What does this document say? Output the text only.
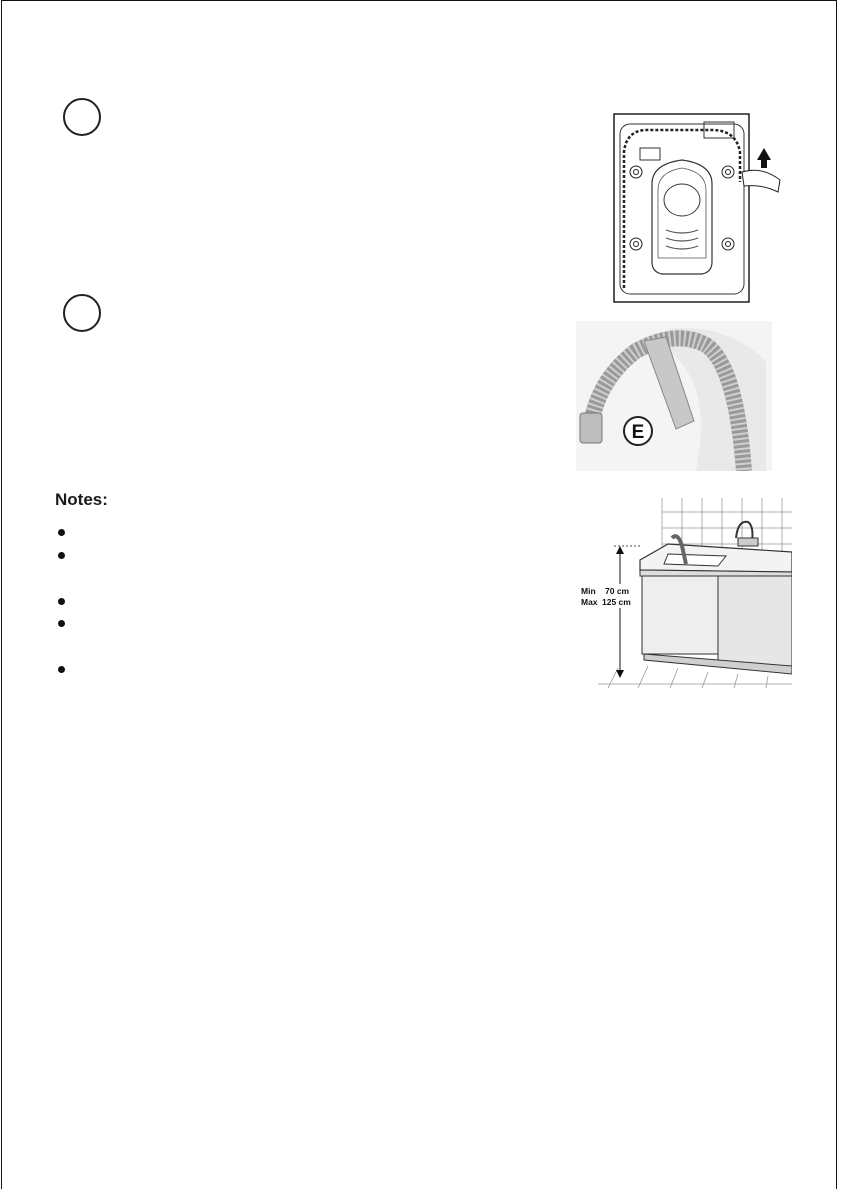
E
Notes:
Min 70 cm
Max 125 cm
